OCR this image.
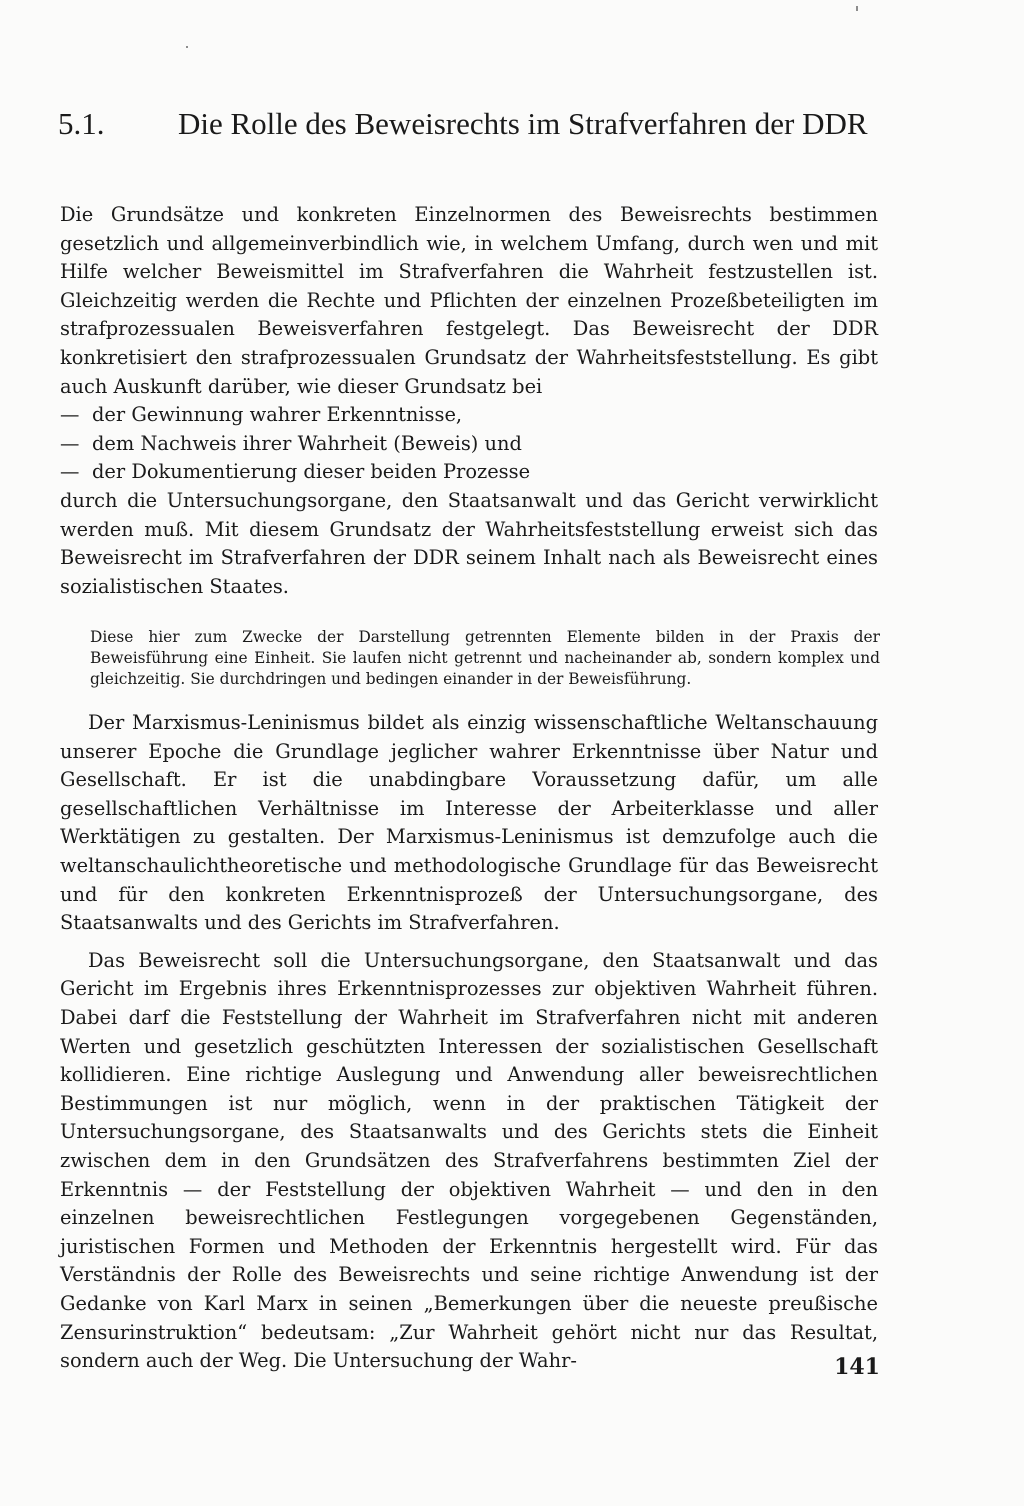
5.1. Die Rolle des Beweisrechts im Strafverfahren der DDR

Die Grundsätze und konkreten Einzelnormen des Beweisrechts bestimmen gesetzlich und allgemeinverbindlich wie, in welchem Umfang, durch wen und mit Hilfe welcher Beweismittel im Strafverfahren die Wahrheit festzustellen ist. Gleichzeitig werden die Rechte und Pflichten der einzelnen Prozeßbeteiligten im strafprozessualen Beweisverfahren festgelegt. Das Beweisrecht der DDR konkretisiert den strafprozessualen Grundsatz der Wahrheitsfeststellung. Es gibt auch Auskunft darüber, wie dieser Grundsatz bei

— der Gewinnung wahrer Erkenntnisse,
— dem Nachweis ihrer Wahrheit (Beweis) und
— der Dokumentierung dieser beiden Prozesse

durch die Untersuchungsorgane, den Staatsanwalt und das Gericht verwirklicht werden muß. Mit diesem Grundsatz der Wahrheitsfeststellung erweist sich das Beweisrecht im Strafverfahren der DDR seinem Inhalt nach als Beweisrecht eines sozialistischen Staates.

Diese hier zum Zwecke der Darstellung getrennten Elemente bilden in der Praxis der Beweisführung eine Einheit. Sie laufen nicht getrennt und nacheinander ab, sondern komplex und gleichzeitig. Sie durchdringen und bedingen einander in der Beweisführung.

Der Marxismus-Leninismus bildet als einzig wissenschaftliche Weltanschauung unserer Epoche die Grundlage jeglicher wahrer Erkenntnisse über Natur und Gesellschaft. Er ist die unabdingbare Voraussetzung dafür, um alle gesellschaftlichen Verhältnisse im Interesse der Arbeiterklasse und aller Werktätigen zu gestalten. Der Marxismus-Leninismus ist demzufolge auch die weltanschaulichtheoretische und methodologische Grundlage für das Beweisrecht und für den konkreten Erkenntnisprozeß der Untersuchungsorgane, des Staatsanwalts und des Gerichts im Strafverfahren.

Das Beweisrecht soll die Untersuchungsorgane, den Staatsanwalt und das Gericht im Ergebnis ihres Erkenntnisprozesses zur objektiven Wahrheit führen. Dabei darf die Feststellung der Wahrheit im Strafverfahren nicht mit anderen Werten und gesetzlich geschützten Interessen der sozialistischen Gesellschaft kollidieren. Eine richtige Auslegung und Anwendung aller beweisrechtlichen Bestimmungen ist nur möglich, wenn in der praktischen Tätigkeit der Untersuchungsorgane, des Staatsanwalts und des Gerichts stets die Einheit zwischen dem in den Grundsätzen des Strafverfahrens bestimmten Ziel der Erkenntnis — der Feststellung der objektiven Wahrheit — und den in den einzelnen beweisrechtlichen Festlegungen vorgegebenen Gegenständen, juristischen Formen und Methoden der Erkenntnis hergestellt wird. Für das Verständnis der Rolle des Beweisrechts und seine richtige Anwendung ist der Gedanke von Karl Marx in seinen „Bemerkungen über die neueste preußische Zensurinstruktion“ bedeutsam: „Zur Wahrheit gehört nicht nur das Resultat, sondern auch der Weg. Die Untersuchung der Wahr-	141
